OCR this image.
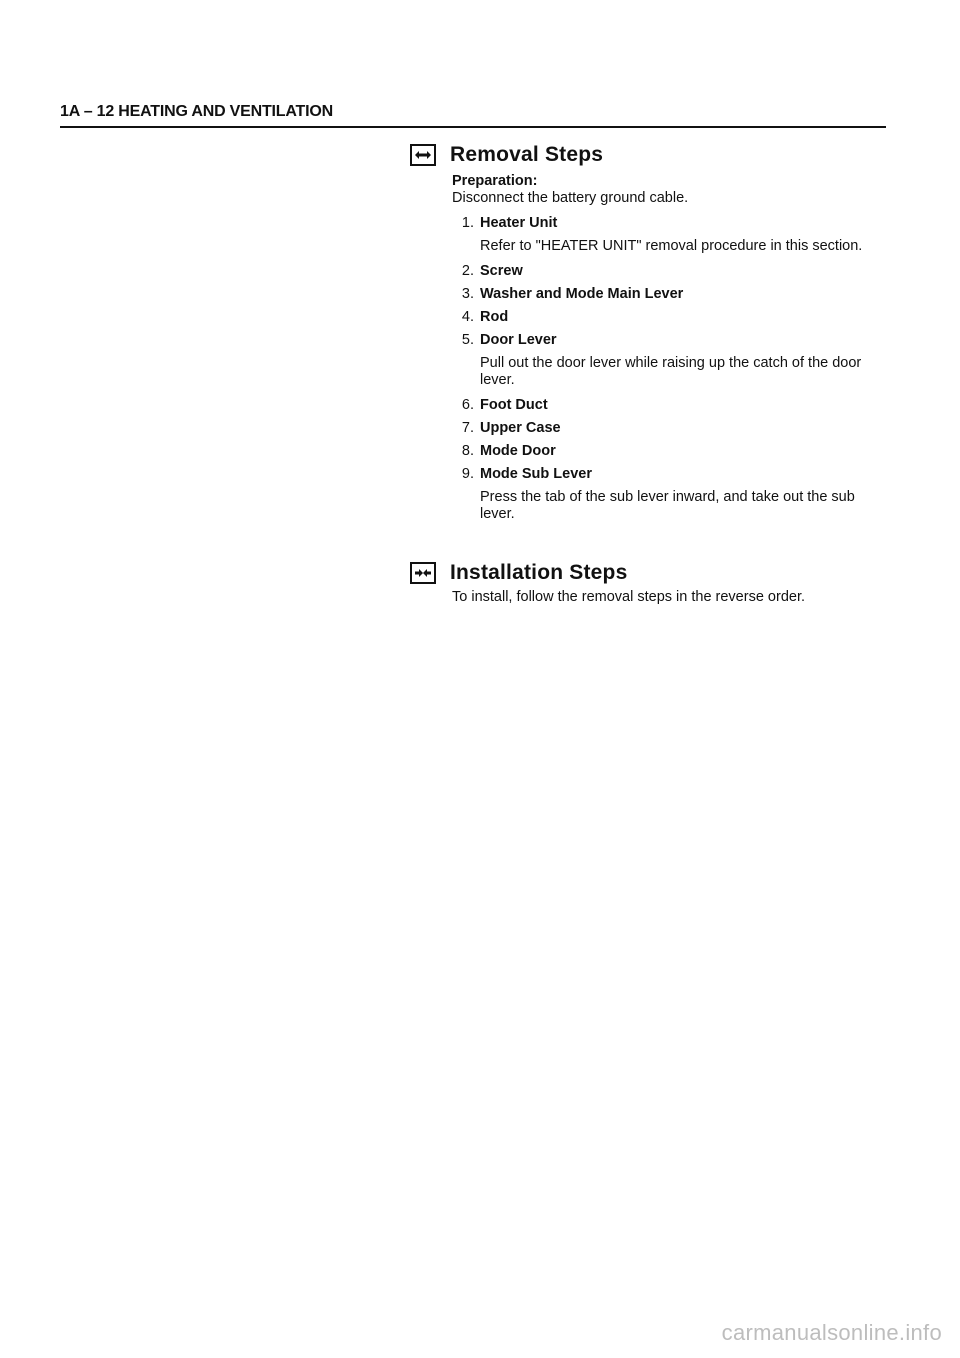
1A – 12 HEATING AND VENTILATION
Removal Steps
Preparation:
Disconnect the battery ground cable.
1. Heater Unit
Refer to "HEATER UNIT" removal procedure in this section.
2. Screw
3. Washer and Mode Main Lever
4. Rod
5. Door Lever
Pull out the door lever while raising up the catch of the door lever.
6. Foot Duct
7. Upper Case
8. Mode Door
9. Mode Sub Lever
Press the tab of the sub lever inward, and take out the sub lever.
Installation Steps
To install, follow the removal steps in the reverse order.
carmanualsonline.info
